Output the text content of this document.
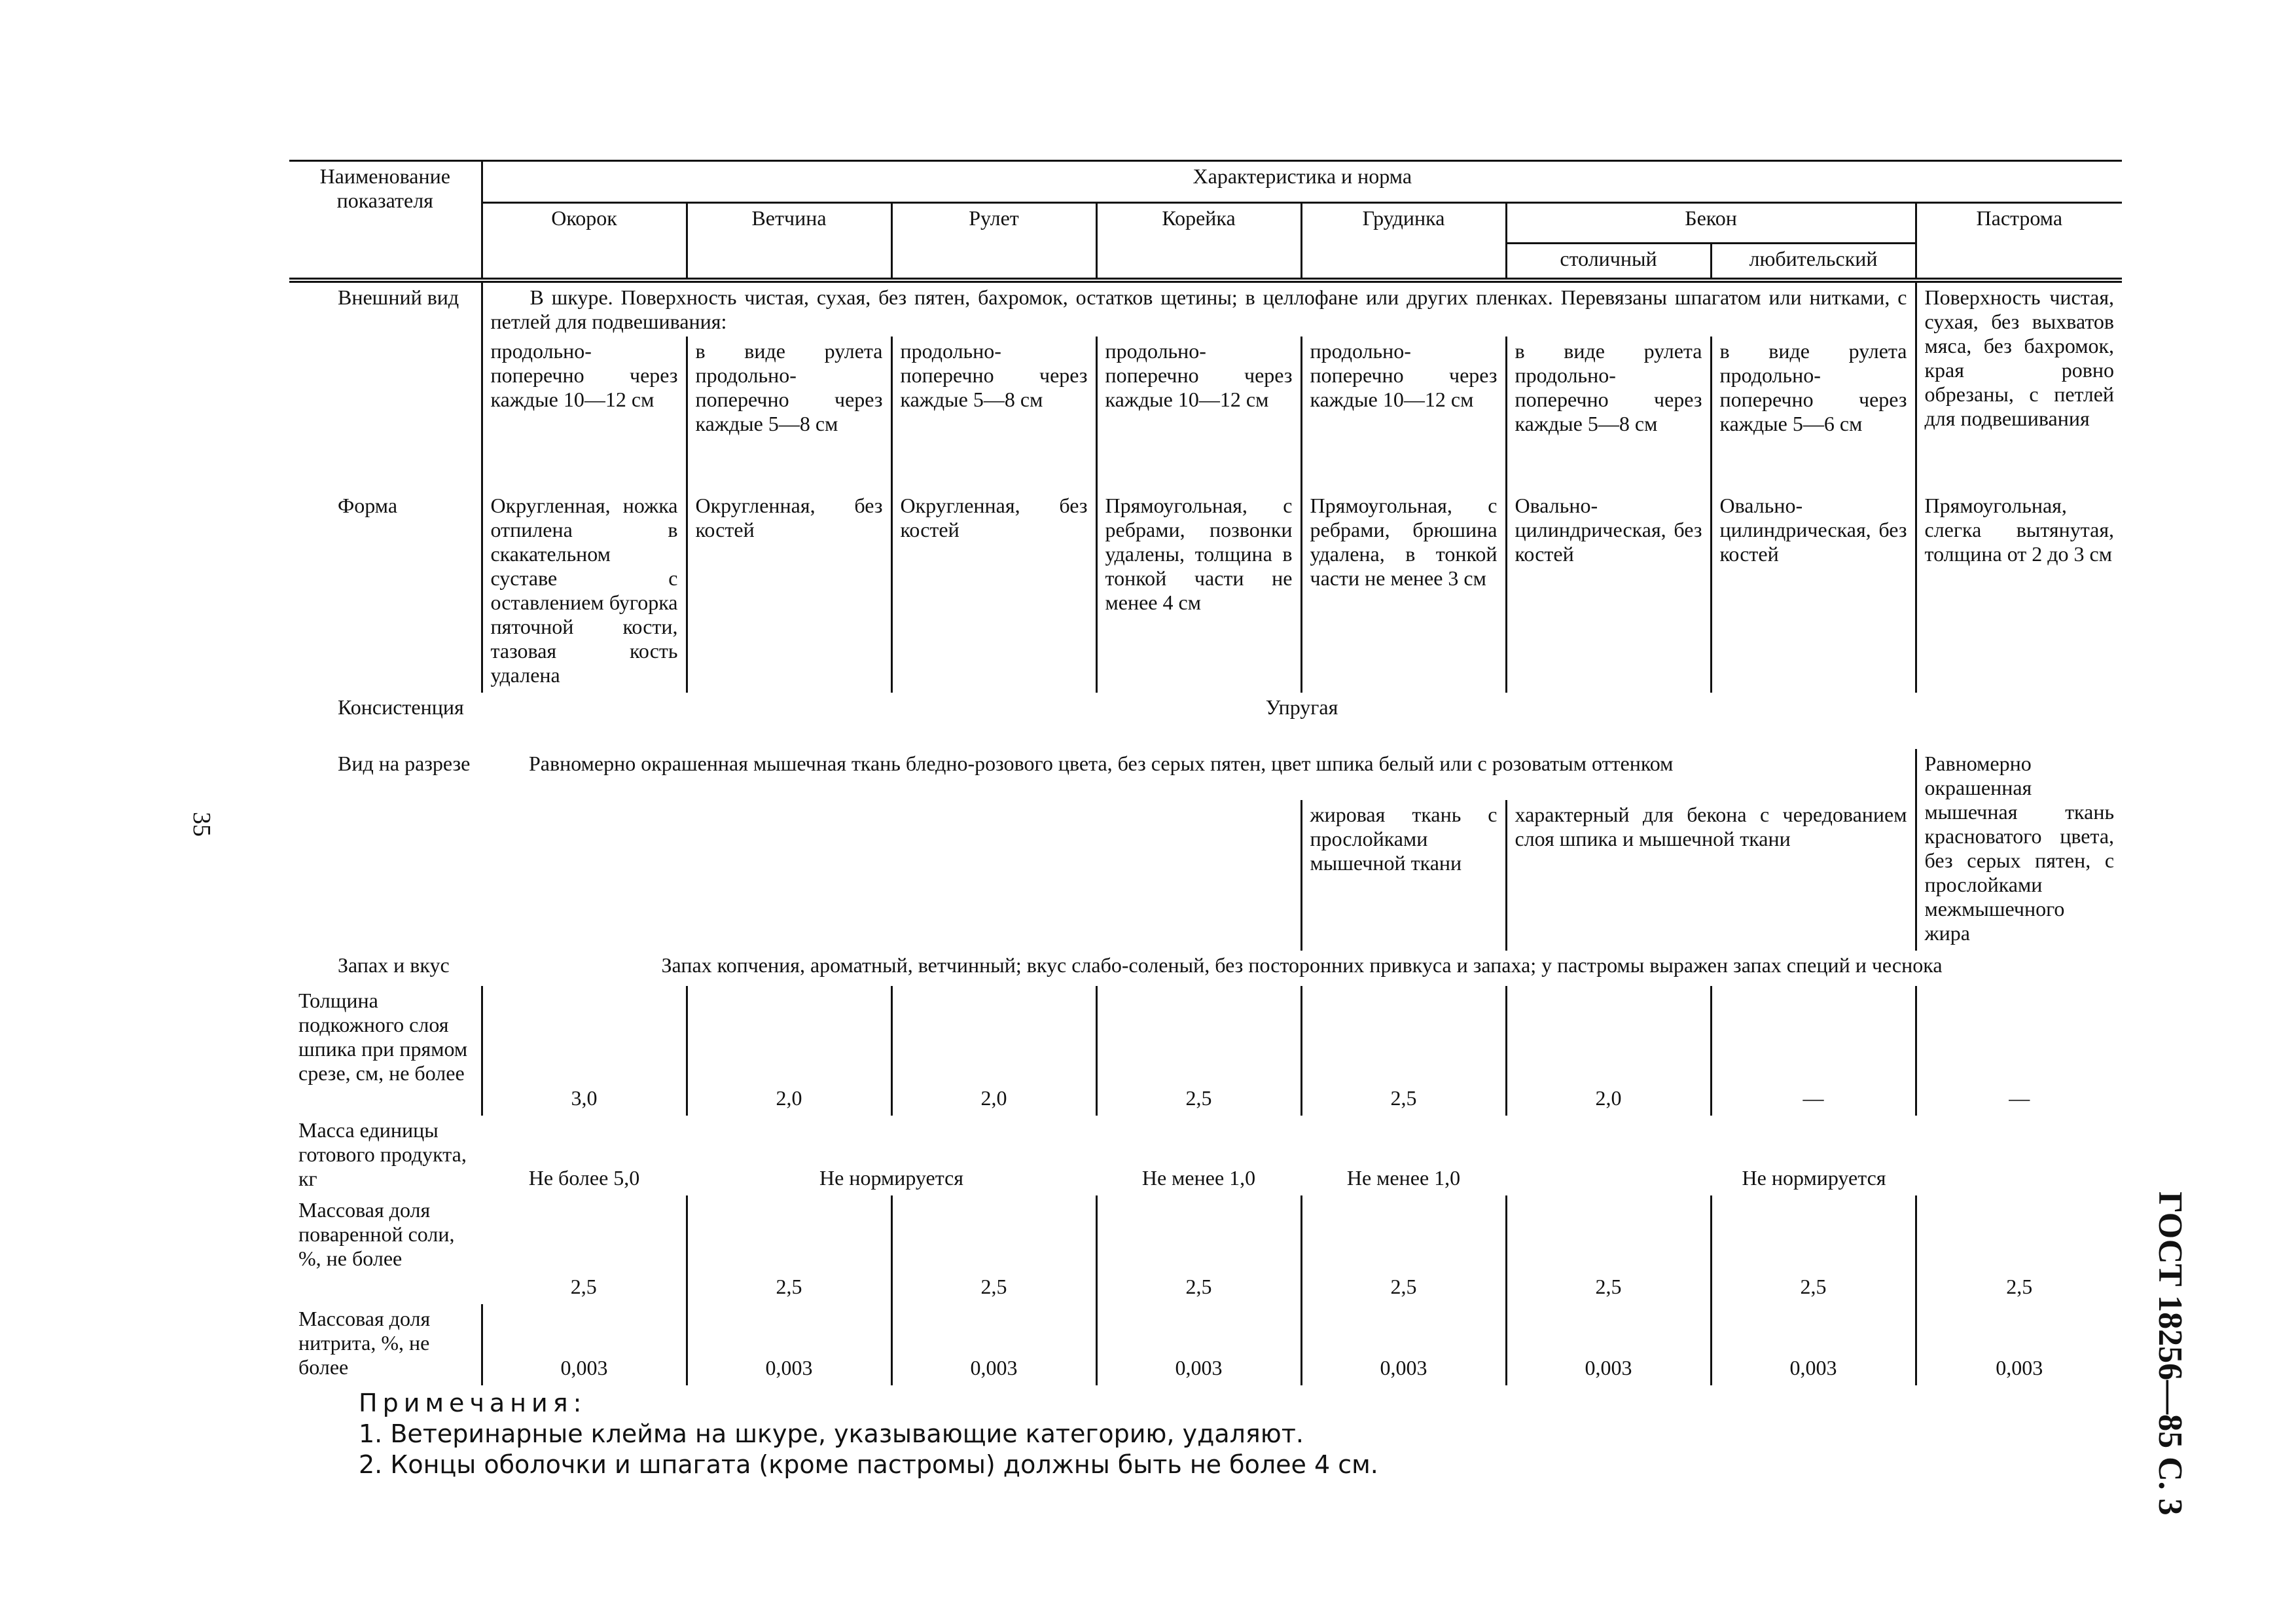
35
ГОСТ 18256—85 С. 3
Наименование показателя	Характеристика и норма							
	Окорок	Ветчина	Рулет	Корейка	Грудинка	Бекон		Пастрома
						столичный	любительский	

Внешний вид	В шкуре. Поверхность чистая, сухая, без пятен, бахромок, остатков щетины; в целлофане или других пленках. Перевязаны шпагатом или нитками, с петлей для подвешивания:							Поверхность чистая, сухая, без выхватов мяса, без бахромок, края ровно обрезаны, с петлей для подвешивания
	продольно-поперечно через каждые 10—12 см	в виде рулета продольно-поперечно через каждые 5—8 см	продольно-поперечно через каждые 5—8 см	продольно-поперечно через каждые 10—12 см	продольно-поперечно через каждые 10—12 см	в виде рулета продольно-поперечно через каждые 5—8 см	в виде рулета продольно-поперечно через каждые 5—6 см	

Форма	Округленная, ножка отпилена в скакательном суставе с оставлением бугорка пяточной кости, тазовая кость удалена	Округленная, без костей	Округленная, без костей	Прямоугольная, с ребрами, позвонки удалены, толщина в тонкой части не менее 4 см	Прямоугольная, с ребрами, брюшина удалена, в тонкой части не менее 3 см	Овально-цилиндрическая, без костей	Овально-цилиндрическая, без костей	Прямоугольная, слегка вытянутая, толщина от 2 до 3 см

Консистенция	Упругая							

Вид на разрезе	Равномерно окрашенная мышечная ткань бледно-розового цвета, без серых пятен, цвет шпика белый или с розоватым оттенком							Равномерно окрашенная мышечная ткань красноватого цвета, без серых пятен, с прослойками межмышечного жира
					жировая ткань с прослойками мышечной ткани	характерный для бекона с чередованием слоя шпика и мышечной ткани		

Запах и вкус	Запах копчения, ароматный, ветчинный; вкус слабо-соленый, без посторонних привкуса и запаха; у пастромы выражен запах специй и чеснока							
Толщина подкожного слоя шпика при прямом срезе, см, не более	3,0	2,0	2,0	2,5	2,5	2,0	—	—
Масса единицы готового продукта, кг	Не более 5,0	Не нормируется		Не менее 1,0	Не менее 1,0	Не нормируется		
Массовая доля поваренной соли, %, не более	2,5	2,5	2,5	2,5	2,5	2,5	2,5	2,5
Массовая доля нитрита, %, не более	0,003	0,003	0,003	0,003	0,003	0,003	0,003	0,003
Примечания:
1. Ветеринарные клейма на шкуре, указывающие категорию, удаляют.
2. Концы оболочки и шпагата (кроме пастромы) должны быть не более 4 см.
